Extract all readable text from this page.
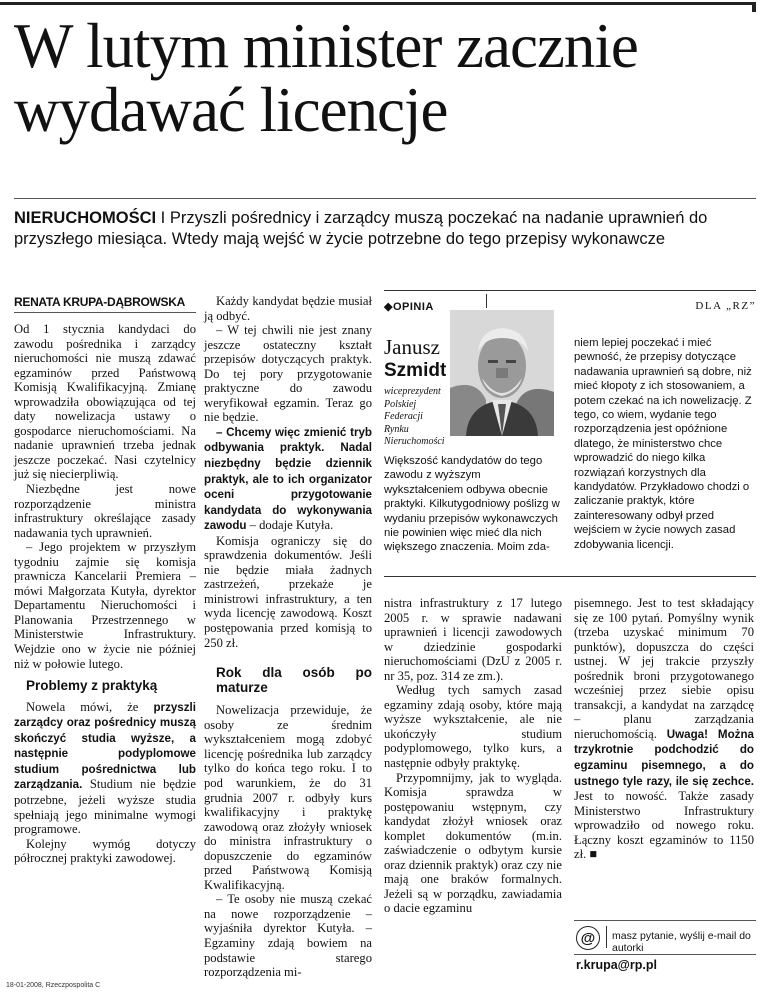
W lutym minister zacznie wydawać licencje
NIERUCHOMOŚCI I Przyszli pośrednicy i zarządcy muszą poczekać na nadanie uprawnień do przyszłego miesiąca. Wtedy mają wejść w życie potrzebne do tego przepisy wykonawcze
RENATA KRUPA-DĄBROWSKA

Od 1 stycznia kandydaci do zawodu pośrednika i zarządcy nieruchomości nie muszą zdawać egzaminów przed Państwową Komisją Kwalifikacyjną. Zmianę wprowadziła obowiązująca od tej daty nowelizacja ustawy o gospodarce nieruchomościami. Na nadanie uprawnień trzeba jednak jeszcze poczekać. Nasi czytelnicy już się niecierpliwią.

Niezbędne jest nowe rozporządzenie ministra infrastruktury określające zasady nadawania tych uprawnień.

– Jego projektem w przyszłym tygodniu zajmie się komisja prawnicza Kancelarii Premiera – mówi Małgorzata Kutyła, dyrektor Departamentu Nieruchomości i Planowania Przestrzennego w Ministerstwie Infrastruktury. Wejdzie ono w życie nie później niż w połowie lutego.

Problemy z praktyką

Nowela mówi, że przyszli zarządcy oraz pośrednicy muszą skończyć studia wyższe, a następnie podyplomowe studium pośrednictwa lub zarządzania. Studium nie będzie potrzebne, jeżeli wyższe studia spełniają jego minimalne wymogi programowe.

Kolejny wymóg dotyczy półrocznej praktyki zawodowej.

Każdy kandydat będzie musiał ją odbyć.

– W tej chwili nie jest znany jeszcze ostateczny kształt przepisów dotyczących praktyk. Do tej pory przygotowanie praktyczne do zawodu weryfikował egzamin. Teraz go nie będzie.

– Chcemy więc zmienić tryb odbywania praktyk. Nadal niezbędny będzie dziennik praktyk, ale to ich organizator oceni przygotowanie kandydata do wykonywania zawodu – dodaje Kutyła.

Komisja ograniczy się do sprawdzenia dokumentów. Jeśli nie będzie miała żadnych zastrzeżeń, przekaże je ministrowi infrastruktury, a ten wyda licencję zawodową. Koszt postępowania przed komisją to 250 zł.

Rok dla osób po maturze

Nowelizacja przewiduje, że osoby ze średnim wykształceniem mogą zdobyć licencję pośrednika lub zarządcy tylko do końca tego roku. I to pod warunkiem, że do 31 grudnia 2007 r. odbyły kurs kwalifikacyjny i praktykę zawodową oraz złożyły wniosek do ministra infrastruktury o dopuszczenie do egzaminów przed Państwową Komisją Kwalifikacyjną.

– Te osoby nie muszą czekać na nowe rozporządzenie – wyjaśniła dyrektor Kutyła. – Egzaminy zdają bowiem na podstawie starego rozporządzenia mi-

◆OPINIA	DLA „RZ”
Janusz
Szmidt
wiceprezydent
Polskiej Federacji
Rynku Nieruchomości
Większość kandydatów do tego zawodu z wyższym wykształceniem odbywa obecnie praktyki. Kilkutygodniowy poślizg w wydaniu przepisów wykonawczych nie powinien więc mieć dla nich większego znaczenia. Moim zda-
niem lepiej poczekać i mieć pewność, że przepisy dotyczące nadawania uprawnień są dobre, niż mieć kłopoty z ich stosowaniem, a potem czekać na ich nowelizację. Z tego, co wiem, wydanie tego rozporządzenia jest opóźnione dlatego, że ministerstwo chce wprowadzić do niego kilka rozwiązań korzystnych dla kandydatów. Przykładowo chodzi o zaliczanie praktyk, które zainteresowany odbył przed wejściem w życie nowych zasad zdobywania licencji.

nistra infrastruktury z 17 lutego 2005 r. w sprawie nadawani uprawnień i licencji zawodowych w dziedzinie gospodarki nieruchomościami (DzU z 2005 r. nr 35, poz. 314 ze zm.).

Według tych samych zasad egzaminy zdają osoby, które mają wyższe wykształcenie, ale nie ukończyły studium podyplomowego, tylko kurs, a następnie odbyły praktykę.

Przypomnijmy, jak to wygląda. Komisja sprawdza w postępowaniu wstępnym, czy kandydat złożył wniosek oraz komplet dokumentów (m.in. zaświadczenie o odbytym kursie oraz dziennik praktyk) oraz czy nie mają one braków formalnych. Jeżeli są w porządku, zawiadamia o dacie egzaminu

pisemnego. Jest to test składający się ze 100 pytań. Pomyślny wynik (trzeba uzyskać minimum 70 punktów), dopuszcza do części ustnej. W jej trakcie przyszły pośrednik broni przygotowanego wcześniej przez siebie opisu transakcji, a kandydat na zarządcę – planu zarządzania nieruchomością. Uwaga! Można trzykrotnie podchodzić do egzaminu pisemnego, a do ustnego tyle razy, ile się zechce. Jest to nowość. Także zasady Ministerstwo Infrastruktury wprowadziło od nowego roku. Łączny koszt egzaminów to 1150 zł. ■

@	masz pytanie, wyślij e-mail do autorki
r.krupa@rp.pl
18-01-2008, Rzeczpospolita C
